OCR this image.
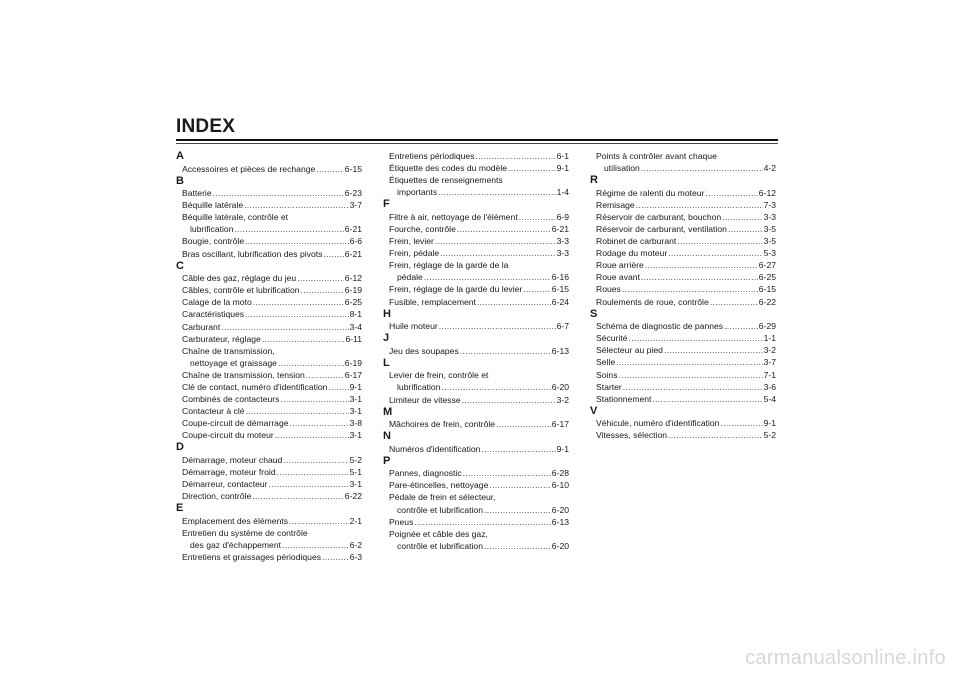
INDEX
A
Accessoires et pièces de rechange .....	6-15
B
Batterie .....	6-23
Béquille latérale .....	3-7
Béquille latérale, contrôle et
lubrification .....	6-21
Bougie, contrôle .....	6-6
Bras oscillant, lubrification des pivots .....	6-21
C
Câble des gaz, réglage du jeu .....	6-12
Câbles, contrôle et lubrification .....	6-19
Calage de la moto .....	6-25
Caractéristiques .....	8-1
Carburant .....	3-4
Carburateur, réglage .....	6-11
Chaîne de transmission,
nettoyage et graissage .....	6-19
Chaîne de transmission, tension .....	6-17
Clé de contact, numéro d'identification .....	9-1
Combinés de contacteurs .....	3-1
Contacteur à clé .....	3-1
Coupe-circuit de démarrage .....	3-8
Coupe-circuit du moteur .....	3-1
D
Démarrage, moteur chaud .....	5-2
Démarrage, moteur froid .....	5-1
Démarreur, contacteur .....	3-1
Direction, contrôle .....	6-22
E
Emplacement des éléments .....	2-1
Entretien du système de contrôle
des gaz d'échappement .....	6-2
Entretiens et graissages périodiques .....	6-3
Entretiens périodiques .....	6-1
Étiquette des codes du modèle .....	9-1
Étiquettes de renseignements
importants .....	1-4
F
Filtre à air, nettoyage de l'élément .....	6-9
Fourche, contrôle .....	6-21
Frein, levier .....	3-3
Frein, pédale .....	3-3
Frein, réglage de la garde de la
pédale .....	6-16
Frein, réglage de la garde du levier .....	6-15
Fusible, remplacement .....	6-24
H
Huile moteur .....	6-7
J
Jeu des soupapes .....	6-13
L
Levier de frein, contrôle et
lubrification .....	6-20
Limiteur de vitesse .....	3-2
M
Mâchoires de frein, contrôle .....	6-17
N
Numéros d'identification .....	9-1
P
Pannes, diagnostic .....	6-28
Pare-étincelles, nettoyage .....	6-10
Pédale de frein et sélecteur,
contrôle et lubrification .....	6-20
Pneus .....	6-13
Poignée et câble des gaz,
contrôle et lubrification .....	6-20
Points à contrôler avant chaque
utilisation .....	4-2
R
Régime de ralenti du moteur .....	6-12
Remisage .....	7-3
Réservoir de carburant, bouchon .....	3-3
Réservoir de carburant, ventilation .....	3-5
Robinet de carburant .....	3-5
Rodage du moteur .....	5-3
Roue arrière .....	6-27
Roue avant .....	6-25
Roues .....	6-15
Roulements de roue, contrôle .....	6-22
S
Schéma de diagnostic de pannes .....	6-29
Sécurité .....	1-1
Sélecteur au pied .....	3-2
Selle .....	3-7
Soins .....	7-1
Starter .....	3-6
Stationnement .....	5-4
V
Véhicule, numéro d'identification .....	9-1
Vitesses, sélection .....	5-2
carmanualsonline.info
